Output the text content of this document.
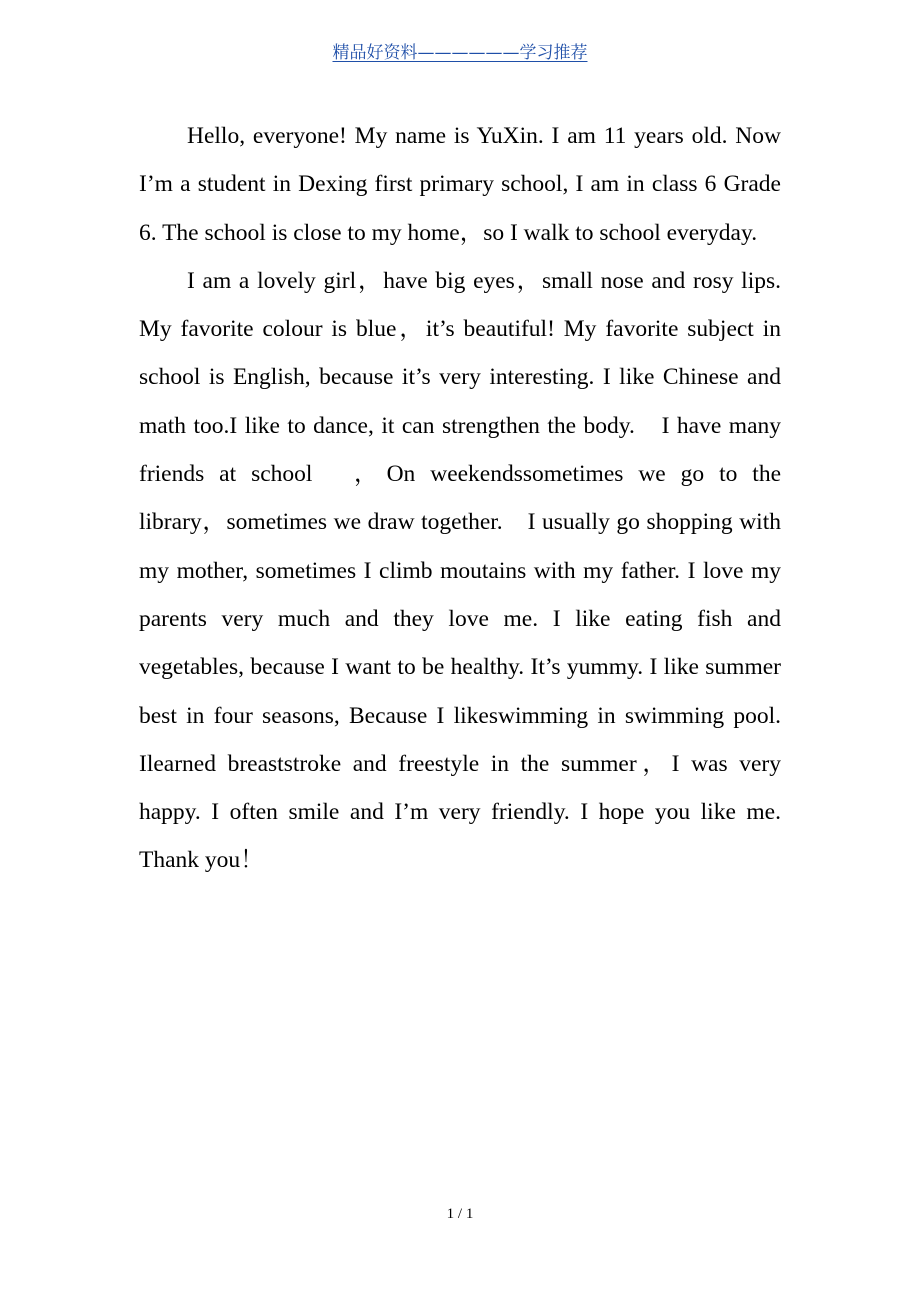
精品好资料——————学习推荐

Hello, everyone! My name is YuXin. I am 11 years old. Now I’m a student in Dexing first primary school, I am in class 6 Grade 6. The school is close to my home，so I walk to school everyday.

I am a lovely girl，have big eyes，small nose and rosy lips. My favorite colour is blue，it’s beautiful! My favorite subject in school is English, because it’s very interesting. I like Chinese and math too.I like to dance, it can strengthen the body.　I have many friends at school　，On weekendssometimes we go to the library，sometimes we draw together.　I usually go shopping with my mother, sometimes I climb moutains with my father. I love my parents very much and they love me. I like eating fish and vegetables, because I want to be healthy. It’s yummy. I like summer best in four seasons, Because I likeswimming in swimming pool. Ilearned breaststroke and freestyle in the summer，I was very happy. I often smile and I’m very friendly. I hope you like me. Thank you！

1 / 1
